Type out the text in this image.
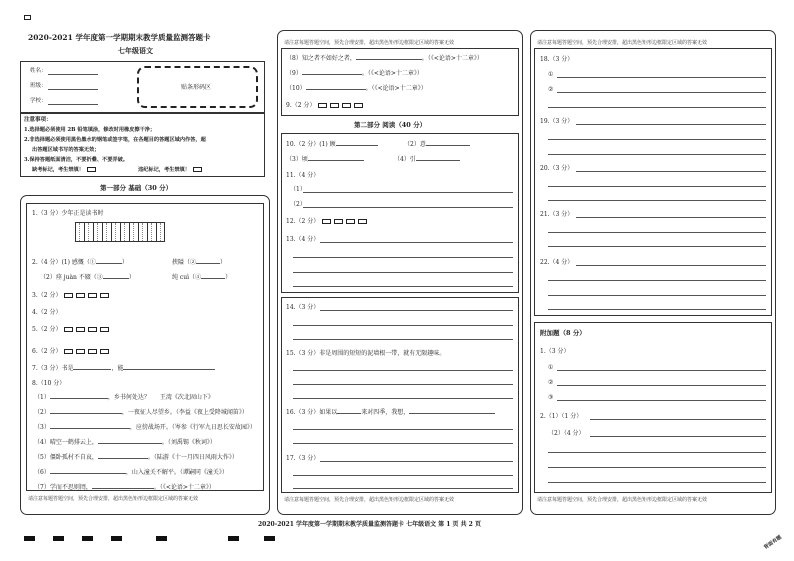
2020-2021 学年度第一学期期末教学质量监测答题卡
七年级语文
姓名：
班级：
学校：
贴条形码区
注意事项：
1.选择题必须使用 2B 铅笔填涂，修改时用橡皮擦干净；
2.非选择题必须使用黑色墨水的钢笔或签字笔，在各题目的答题区域内作答，超
出答题区域书写的答案无效；
3.保持答题纸面清洁，不要折叠、不要弄破。
缺考标记，考生禁填！	违纪标记，考生禁填！
第一部分 基础（30 分）
1.（3 分）少年正是读书时
2.（4 分）(1) 感慨（①	）	挟隘（②	）
（2）痉 juàn 不辍（③	）	纯 cuì（④	）
3.（2 分）
4.（2 分）
5.（2 分）
6.（2 分）
7.（3 分）书是	，能
8.（10 分）
（1）	，乡书何处达？ 王湾《次北固山下》
（2）	，一夜征人尽望乡。（李益《夜上受降城闻笛》）
（3）	，应傍战场开。（岑参《行军九日思长安故园》）
（4）晴空一鹤排云上，	。（刘禹锡《秋词》）
（5）僵卧孤村不自哀，	。（陆游《十一月四日风雨大作》）
（6）	，山入潼关不解平。（谭嗣同《潼关》）
（7）学而不思则罔，	。（《<论语>十二章》）
请注意每题答题空间，预先合理安排，超出黑色矩形边框限定区域的答案无效
请注意每题答题空间，预先合理安排，超出黑色矩形边框限定区域的答案无效
（8）知之者不如好之者，	。（《<论语>十二章》）
（9）	。（《<论语>十二章》）
（10）	。（《<论语>十二章》）
9.（2 分）
第二部分 阅读（40 分）
10.（2 分）(1) 顾	（2）意
（3）顷	（4）引
11.（4 分）
（1）
（2）
12.（2 分）
13.（4 分）
14.（3 分）
15.（3 分）非是周围的短短的泥墙根一带，就有无限趣味。
16.（3 分）如果以	来对四季，我想，
17.（3 分）
请注意每题答题空间，预先合理安排，超出黑色矩形边框限定区域的答案无效
请注意每题答题空间，预先合理安排，超出黑色矩形边框限定区域的答案无效
18.（3 分）
①
②
19.（3 分）
20.（3 分）
21.（3 分）
22.（4 分）
附加题（8 分）
1.（3 分）
①
②
③
2.（1）（1 分）
（2）（4 分）
请注意每题答题空间，预先合理安排，超出黑色矩形边框限定区域的答案无效
2020-2021 学年度第一学期期末教学质量监测答题卡 七年级语文 第 1 页 共 2 页
背面有题
